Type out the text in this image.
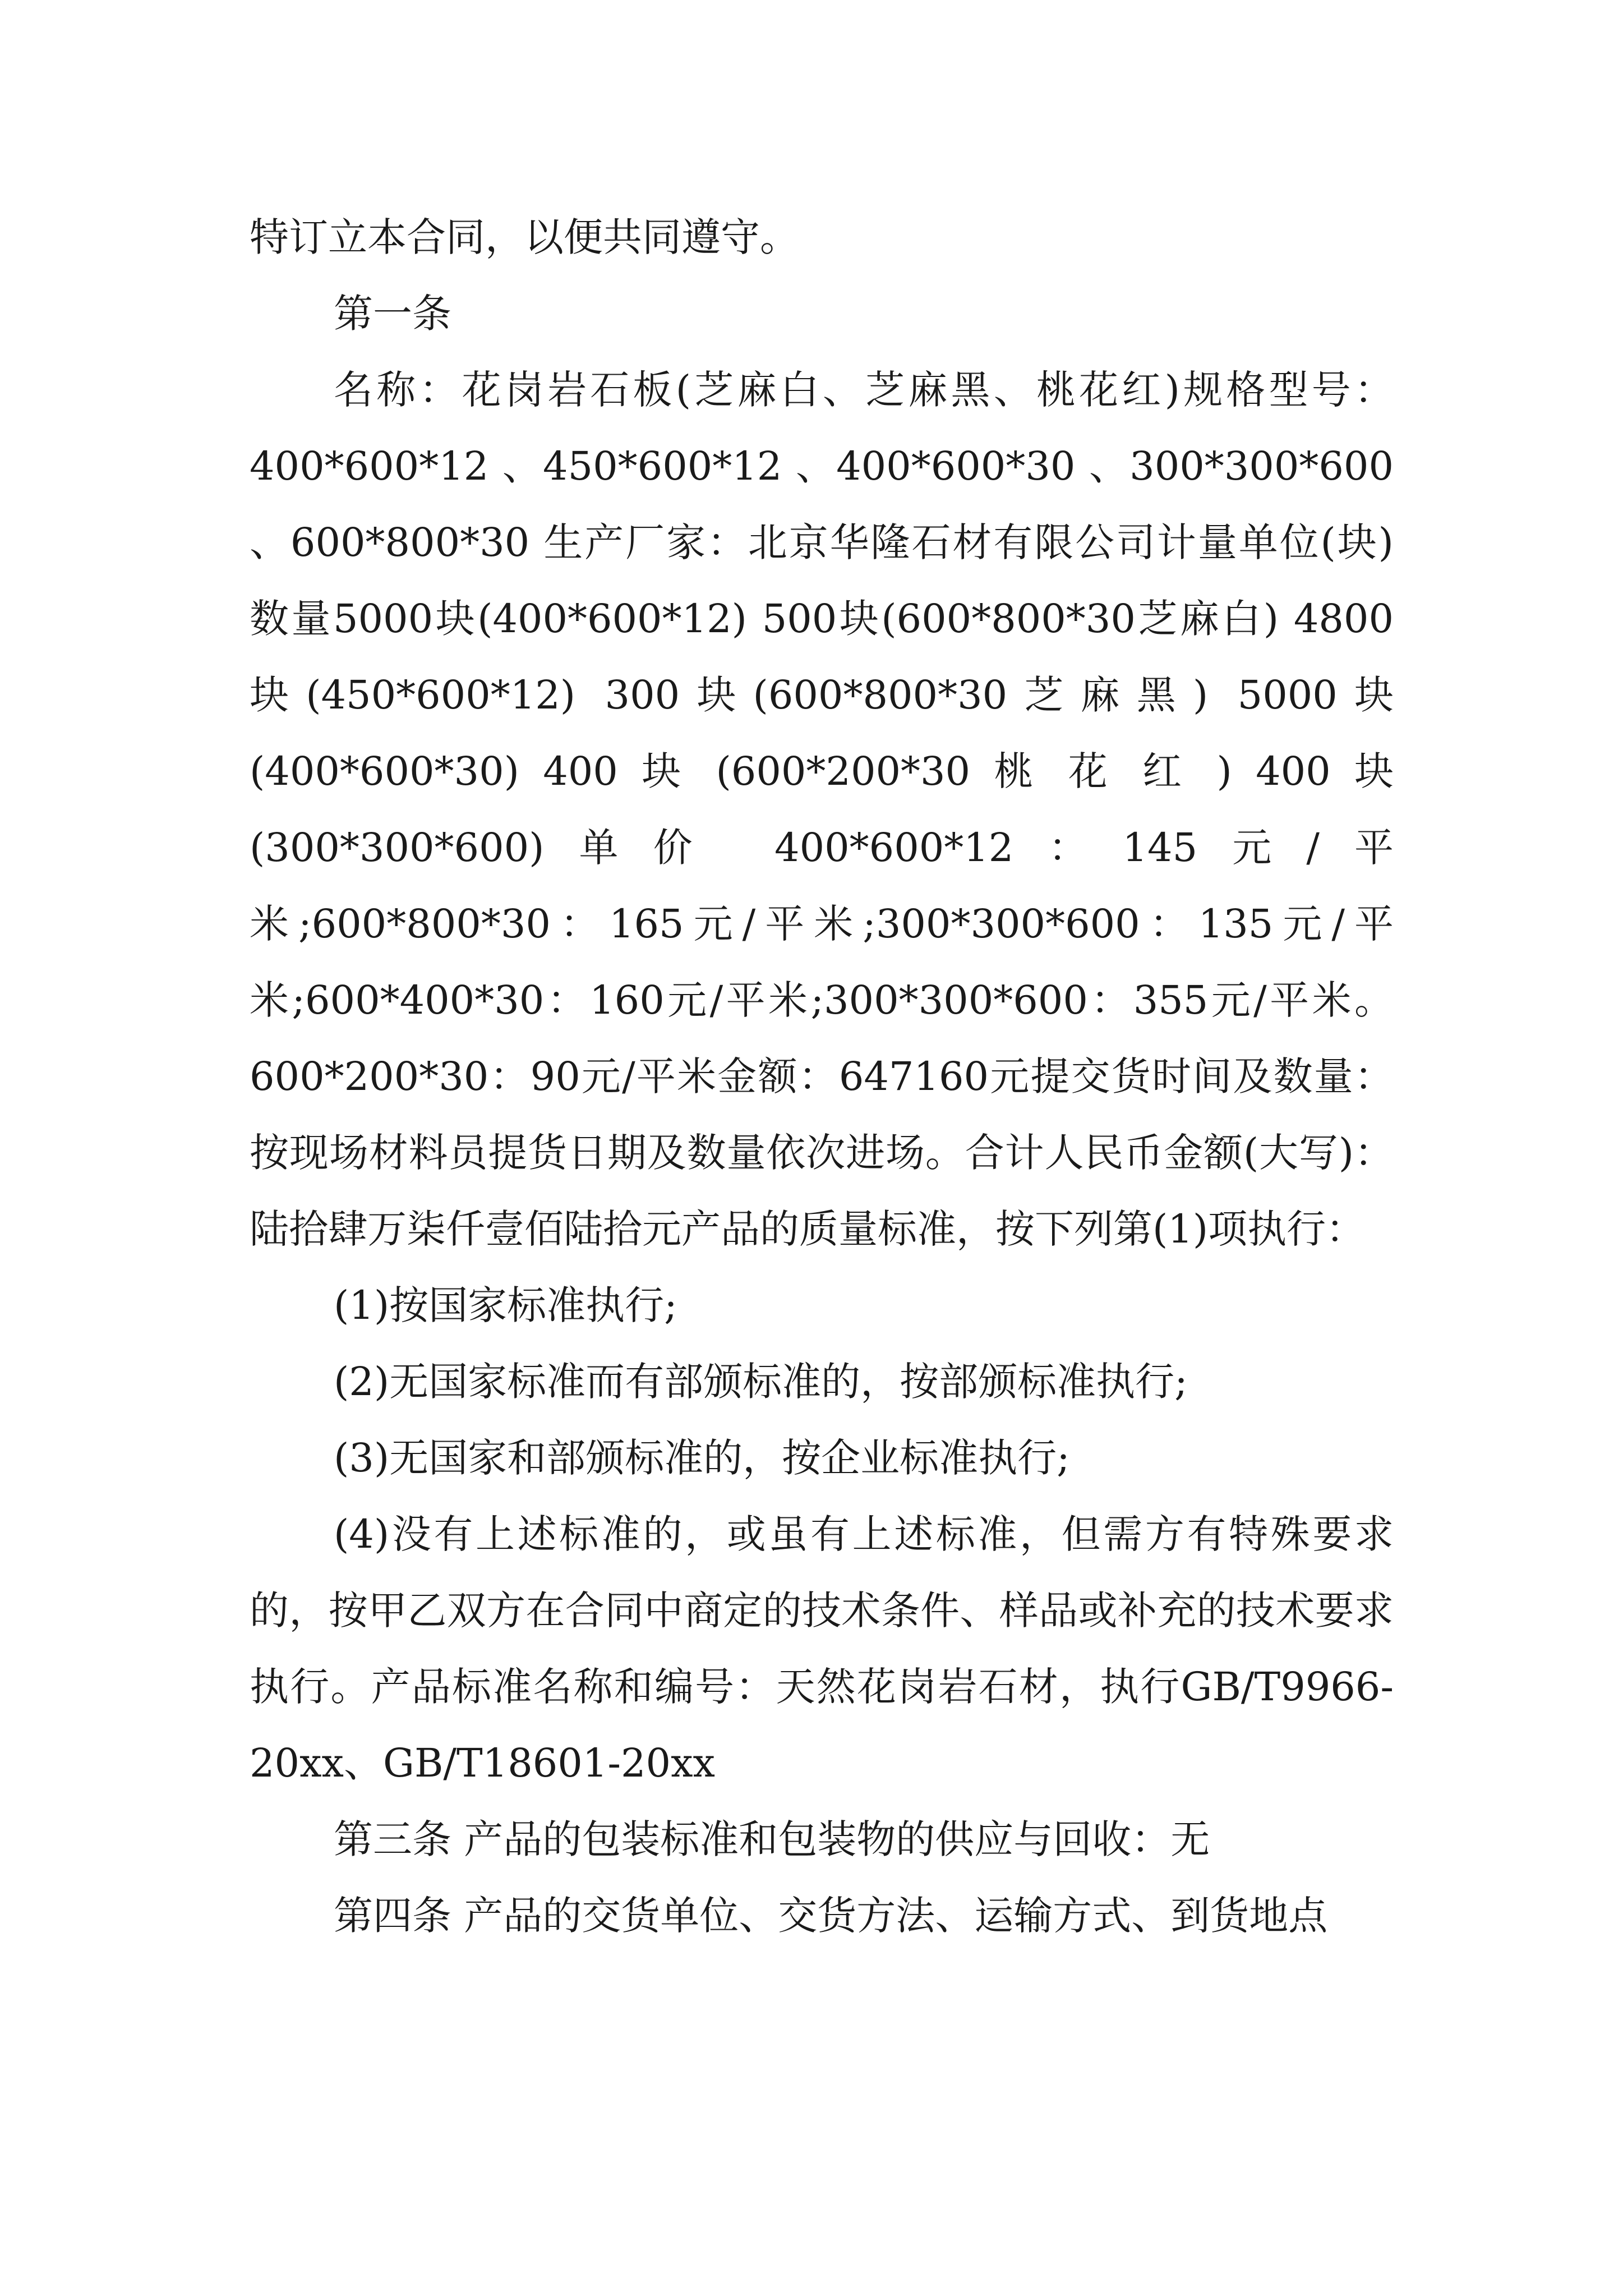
特订立本合同，以便共同遵守。

第一条

名称：花岗岩石板(芝麻白、芝麻黑、桃花红)规格型号：400*600*12 、450*600*12 、400*600*30 、300*300*600 、600*800*30 生产厂家：北京华隆石材有限公司计量单位(块)数量5000块(400*600*12) 500块(600*800*30芝麻白) 4800块(450*600*12) 300块(600*800*30芝麻黑) 5000块(400*600*30) 400 块 (600*200*30 桃 花 红 ) 400 块 (300*300*600)单价 400*600*12：145元/平米;600*800*30：165元/平米;300*300*600：135元/平米;600*400*30：160元/平米;300*300*600：355元/平米。 600*200*30：90元/平米金额：647160元提交货时间及数量：按现场材料员提货日期及数量依次进场。合计人民币金额(大写)：陆拾肆万柒仟壹佰陆拾元产品的质量标准，按下列第(1)项执行：

(1)按国家标准执行;

(2)无国家标准而有部颁标准的，按部颁标准执行;

(3)无国家和部颁标准的，按企业标准执行;

(4)没有上述标准的，或虽有上述标准，但需方有特殊要求的，按甲乙双方在合同中商定的技术条件、样品或补充的技术要求执行。产品标准名称和编号：天然花岗岩石材，执行GB/T9966-20xx、GB/T18601-20xx

第三条 产品的包装标准和包装物的供应与回收：无

第四条 产品的交货单位、交货方法、运输方式、到货地点
